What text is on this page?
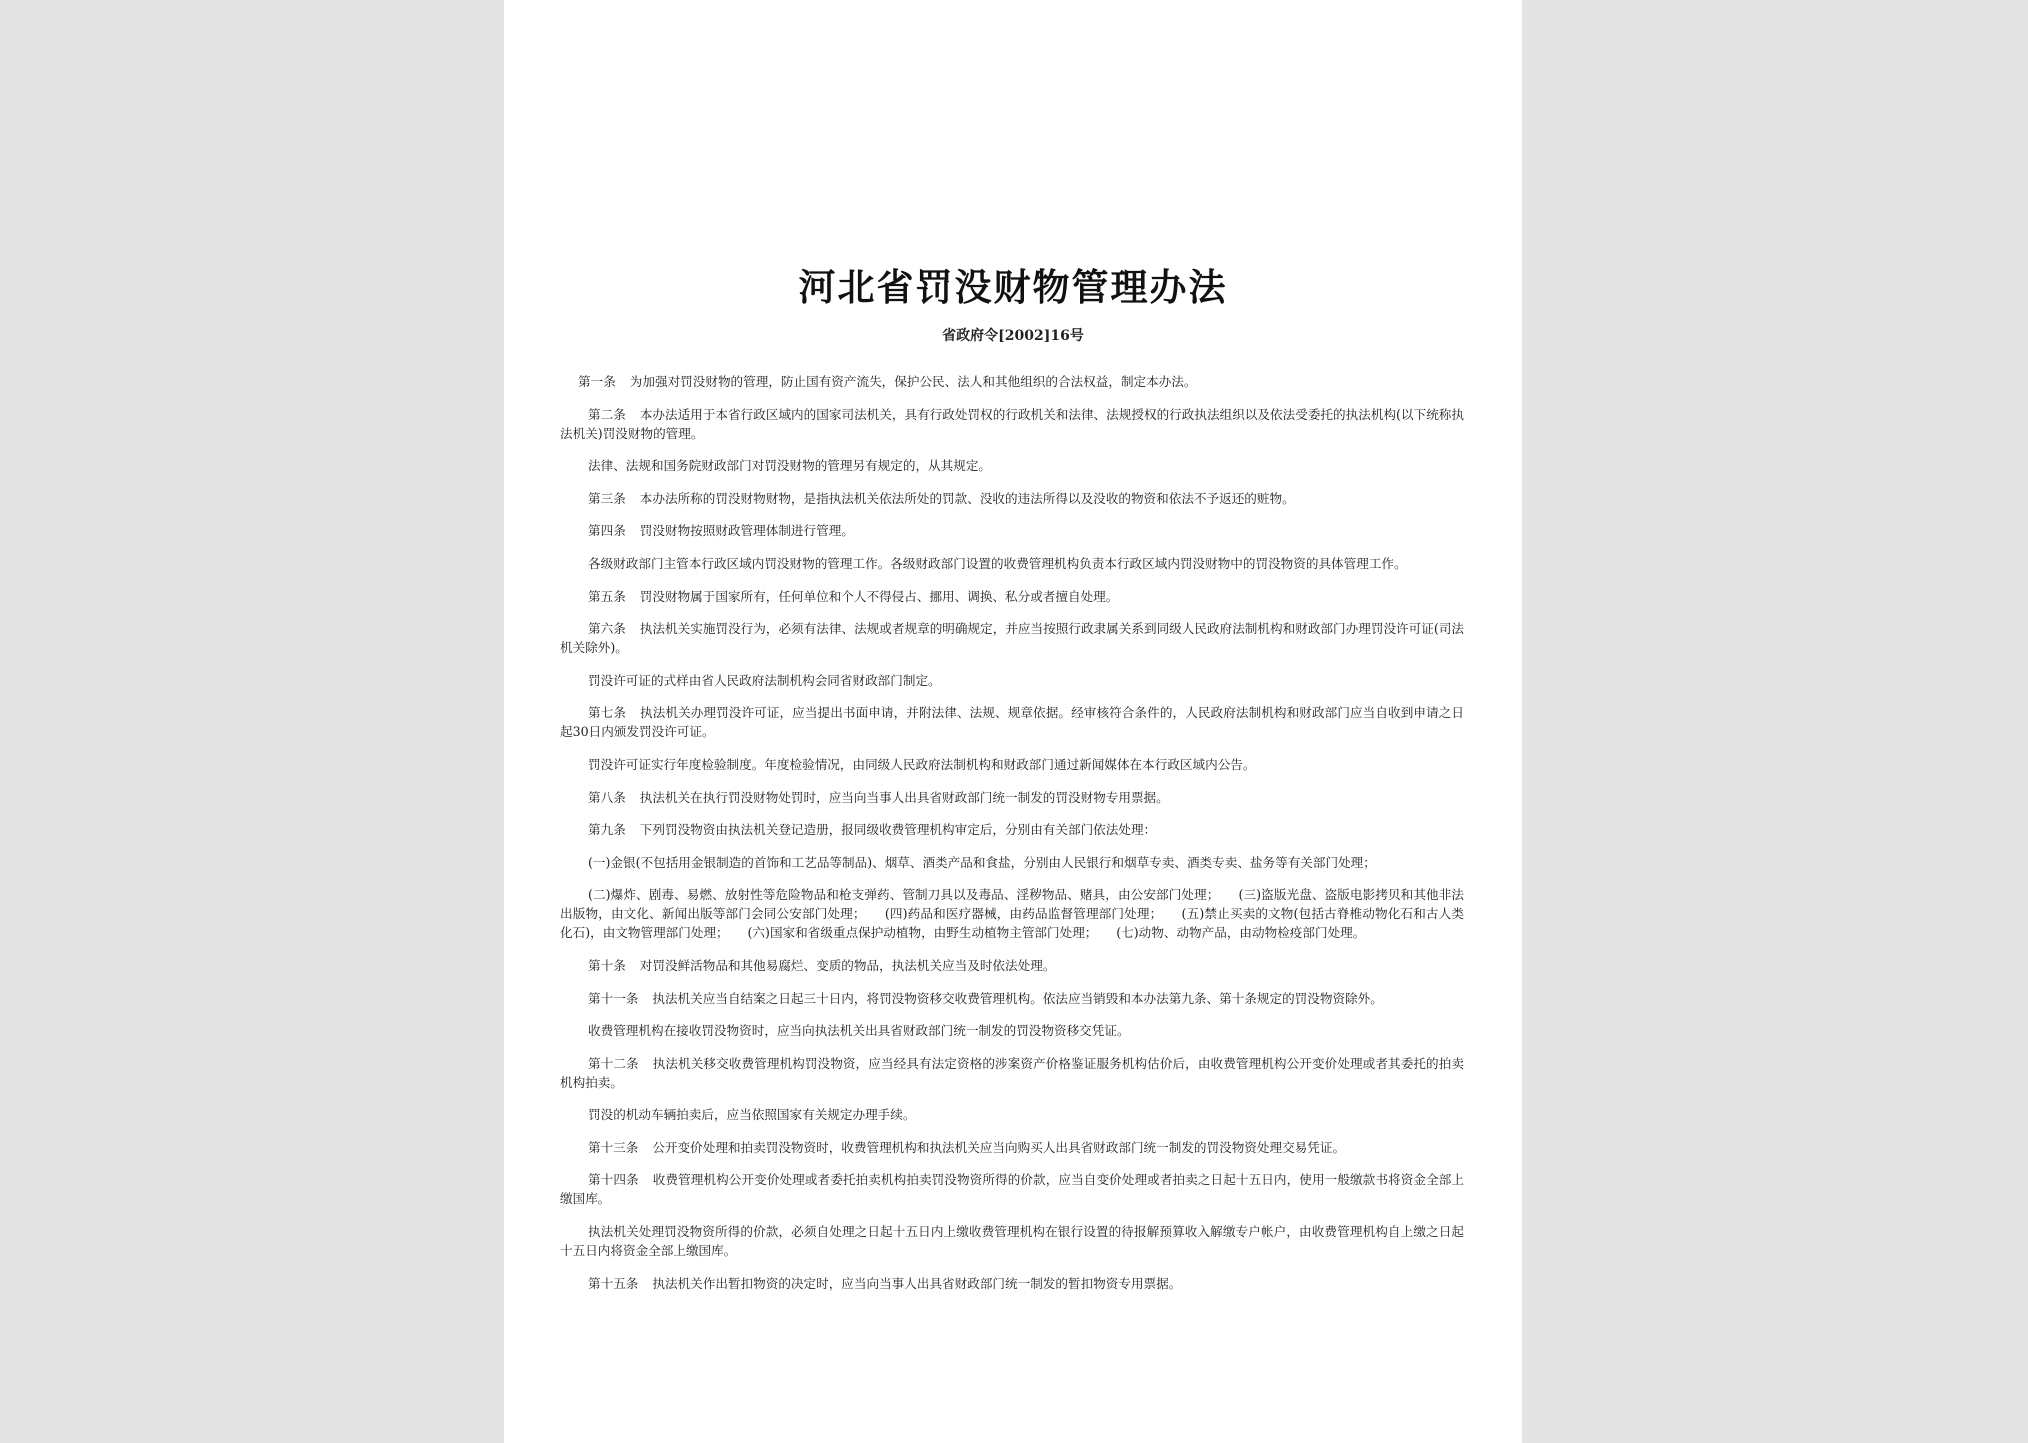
河北省罚没财物管理办法
省政府令[2002]16号

第一条 为加强对罚没财物的管理，防止国有资产流失，保护公民、法人和其他组织的合法权益，制定本办法。

第二条 本办法适用于本省行政区域内的国家司法机关，具有行政处罚权的行政机关和法律、法规授权的行政执法组织以及依法受委托的执法机构(以下统称执法机关)罚没财物的管理。

法律、法规和国务院财政部门对罚没财物的管理另有规定的，从其规定。

第三条 本办法所称的罚没财物财物，是指执法机关依法所处的罚款、没收的违法所得以及没收的物资和依法不予返还的赃物。

第四条 罚没财物按照财政管理体制进行管理。

各级财政部门主管本行政区域内罚没财物的管理工作。各级财政部门设置的收费管理机构负责本行政区域内罚没财物中的罚没物资的具体管理工作。

第五条 罚没财物属于国家所有，任何单位和个人不得侵占、挪用、调换、私分或者擅自处理。

第六条 执法机关实施罚没行为，必须有法律、法规或者规章的明确规定，并应当按照行政隶属关系到同级人民政府法制机构和财政部门办理罚没许可证(司法机关除外)。

罚没许可证的式样由省人民政府法制机构会同省财政部门制定。

第七条 执法机关办理罚没许可证，应当提出书面申请，并附法律、法规、规章依据。经审核符合条件的，人民政府法制机构和财政部门应当自收到申请之日起30日内颁发罚没许可证。

罚没许可证实行年度检验制度。年度检验情况，由同级人民政府法制机构和财政部门通过新闻媒体在本行政区域内公告。

第八条 执法机关在执行罚没财物处罚时，应当向当事人出具省财政部门统一制发的罚没财物专用票据。

第九条 下列罚没物资由执法机关登记造册，报同级收费管理机构审定后，分别由有关部门依法处理：

(一)金银(不包括用金银制造的首饰和工艺品等制品)、烟草、酒类产品和食盐，分别由人民银行和烟草专卖、酒类专卖、盐务等有关部门处理；

(二)爆炸、剧毒、易燃、放射性等危险物品和枪支弹药、管制刀具以及毒品、淫秽物品、赌具，由公安部门处理；　　(三)盗版光盘、盗版电影拷贝和其他非法出版物，由文化、新闻出版等部门会同公安部门处理；　　(四)药品和医疗器械，由药品监督管理部门处理；　　(五)禁止买卖的文物(包括古脊椎动物化石和古人类化石)，由文物管理部门处理；　　(六)国家和省级重点保护动植物，由野生动植物主管部门处理；　　(七)动物、动物产品，由动物检疫部门处理。

第十条 对罚没鲜活物品和其他易腐烂、变质的物品，执法机关应当及时依法处理。

第十一条 执法机关应当自结案之日起三十日内，将罚没物资移交收费管理机构。依法应当销毁和本办法第九条、第十条规定的罚没物资除外。

收费管理机构在接收罚没物资时，应当向执法机关出具省财政部门统一制发的罚没物资移交凭证。

第十二条 执法机关移交收费管理机构罚没物资，应当经具有法定资格的涉案资产价格鉴证服务机构估价后，由收费管理机构公开变价处理或者其委托的拍卖机构拍卖。

罚没的机动车辆拍卖后，应当依照国家有关规定办理手续。

第十三条 公开变价处理和拍卖罚没物资时，收费管理机构和执法机关应当向购买人出具省财政部门统一制发的罚没物资处理交易凭证。

第十四条 收费管理机构公开变价处理或者委托拍卖机构拍卖罚没物资所得的价款，应当自变价处理或者拍卖之日起十五日内，使用一般缴款书将资金全部上缴国库。

执法机关处理罚没物资所得的价款，必须自处理之日起十五日内上缴收费管理机构在银行设置的待报解预算收入解缴专户帐户，由收费管理机构自上缴之日起十五日内将资金全部上缴国库。

第十五条 执法机关作出暂扣物资的决定时，应当向当事人出具省财政部门统一制发的暂扣物资专用票据。
